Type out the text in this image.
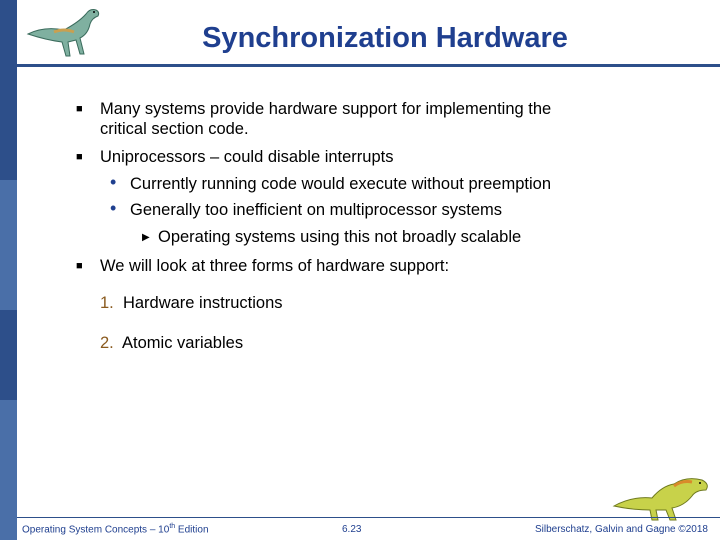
Synchronization Hardware
■ Many systems provide hardware support for implementing the
critical section code.
■ Uniprocessors – could disable interrupts
• Currently running code would execute without preemption
• Generally too inefficient on multiprocessor systems
▶ Operating systems using this not broadly scalable
■ We will look at three forms of hardware support:
1. Hardware instructions
2. Atomic variables
Operating System Concepts – 10th Edition	6.23	Silberschatz, Galvin and Gagne ©2018
